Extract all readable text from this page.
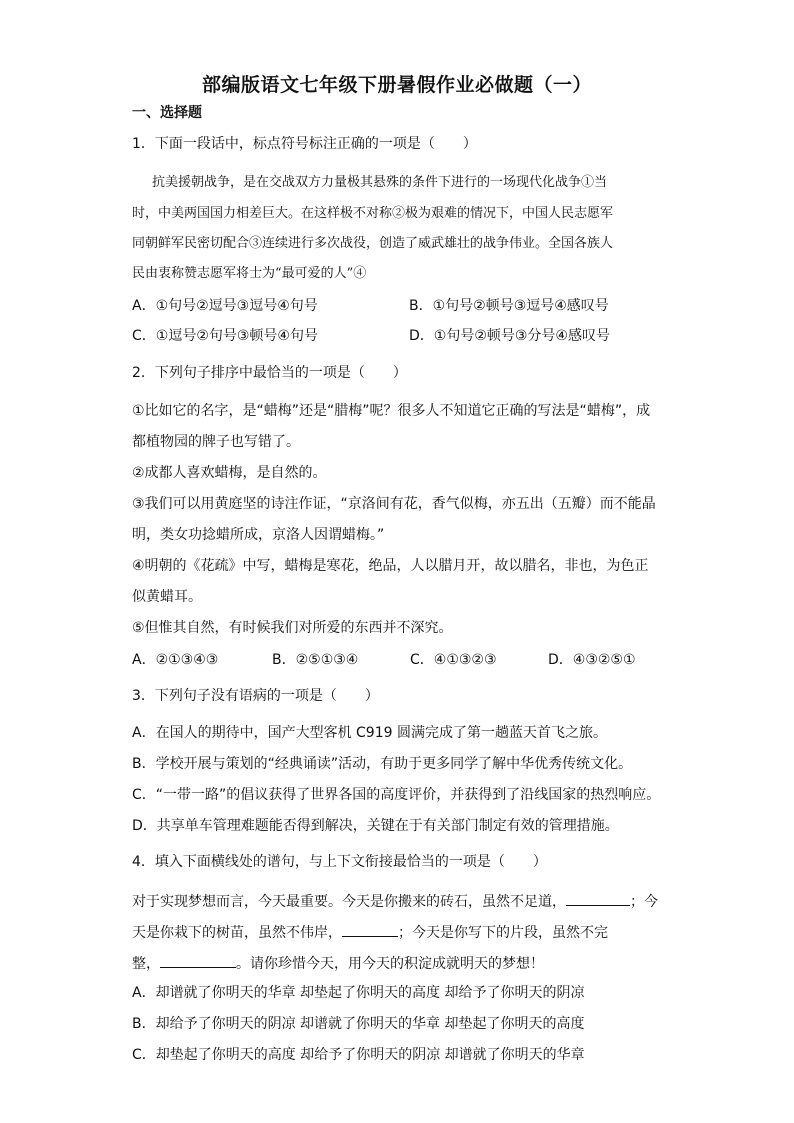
部编版语文七年级下册暑假作业必做题（一）
一、选择题
1．下面一段话中，标点符号标注正确的一项是（　　）
抗美援朝战争，是在交战双方力量极其悬殊的条件下进行的一场现代化战争①当
时，中美两国国力相差巨大。在这样极不对称②极为艰难的情况下，中国人民志愿军
同朝鲜军民密切配合③连续进行多次战役，创造了威武雄壮的战争伟业。全国各族人
民由衷称赞志愿军将士为“最可爱的人”④
A．①句号②逗号③逗号④句号	B．①句号②顿号③逗号④感叹号
C．①逗号②句号③顿号④句号	D．①句号②顿号③分号④感叹号
2．下列句子排序中最恰当的一项是（　　）
①比如它的名字，是“蜡梅”还是“腊梅”呢？很多人不知道它正确的写法是“蜡梅”，成
都植物园的牌子也写错了。
②成都人喜欢蜡梅，是自然的。
③我们可以用黄庭坚的诗注作证，“京洛间有花，香气似梅，亦五出（五瓣）而不能晶
明，类女功捻蜡所成，京洛人因谓蜡梅。”
④明朝的《花疏》中写，蜡梅是寒花，绝品，人以腊月开，故以腊名，非也，为色正
似黄蜡耳。
⑤但惟其自然，有时候我们对所爱的东西并不深究。
A．②①③④③	B．②⑤①③④	C．④①③②③	D．④③②⑤①
3．下列句子没有语病的一项是（　　）
A．在国人的期待中，国产大型客机 C919 圆满完成了第一趟蓝天首飞之旅。
B．学校开展与策划的“经典诵读”活动，有助于更多同学了解中华优秀传统文化。
C．“一带一路”的倡议获得了世界各国的高度评价，并获得到了沿线国家的热烈响应。
D．共享单车管理难题能否得到解决，关键在于有关部门制定有效的管理措施。
4．填入下面横线处的谱句，与上下文衔接最恰当的一项是（　　）
对于实现梦想而言，今天最重要。今天是你搬来的砖石，虽然不足道，	；今
天是你栽下的树苗，虽然不伟岸，	；今天是你写下的片段，虽然不完
整，	。请你珍惜今天，用今天的积淀成就明天的梦想！
A．却谱就了你明天的华章 却垫起了你明天的高度 却给予了你明天的阴凉
B．却给予了你明天的阴凉 却谱就了你明天的华章 却垫起了你明天的高度
C．却垫起了你明天的高度 却给予了你明天的阴凉 却谱就了你明天的华章
